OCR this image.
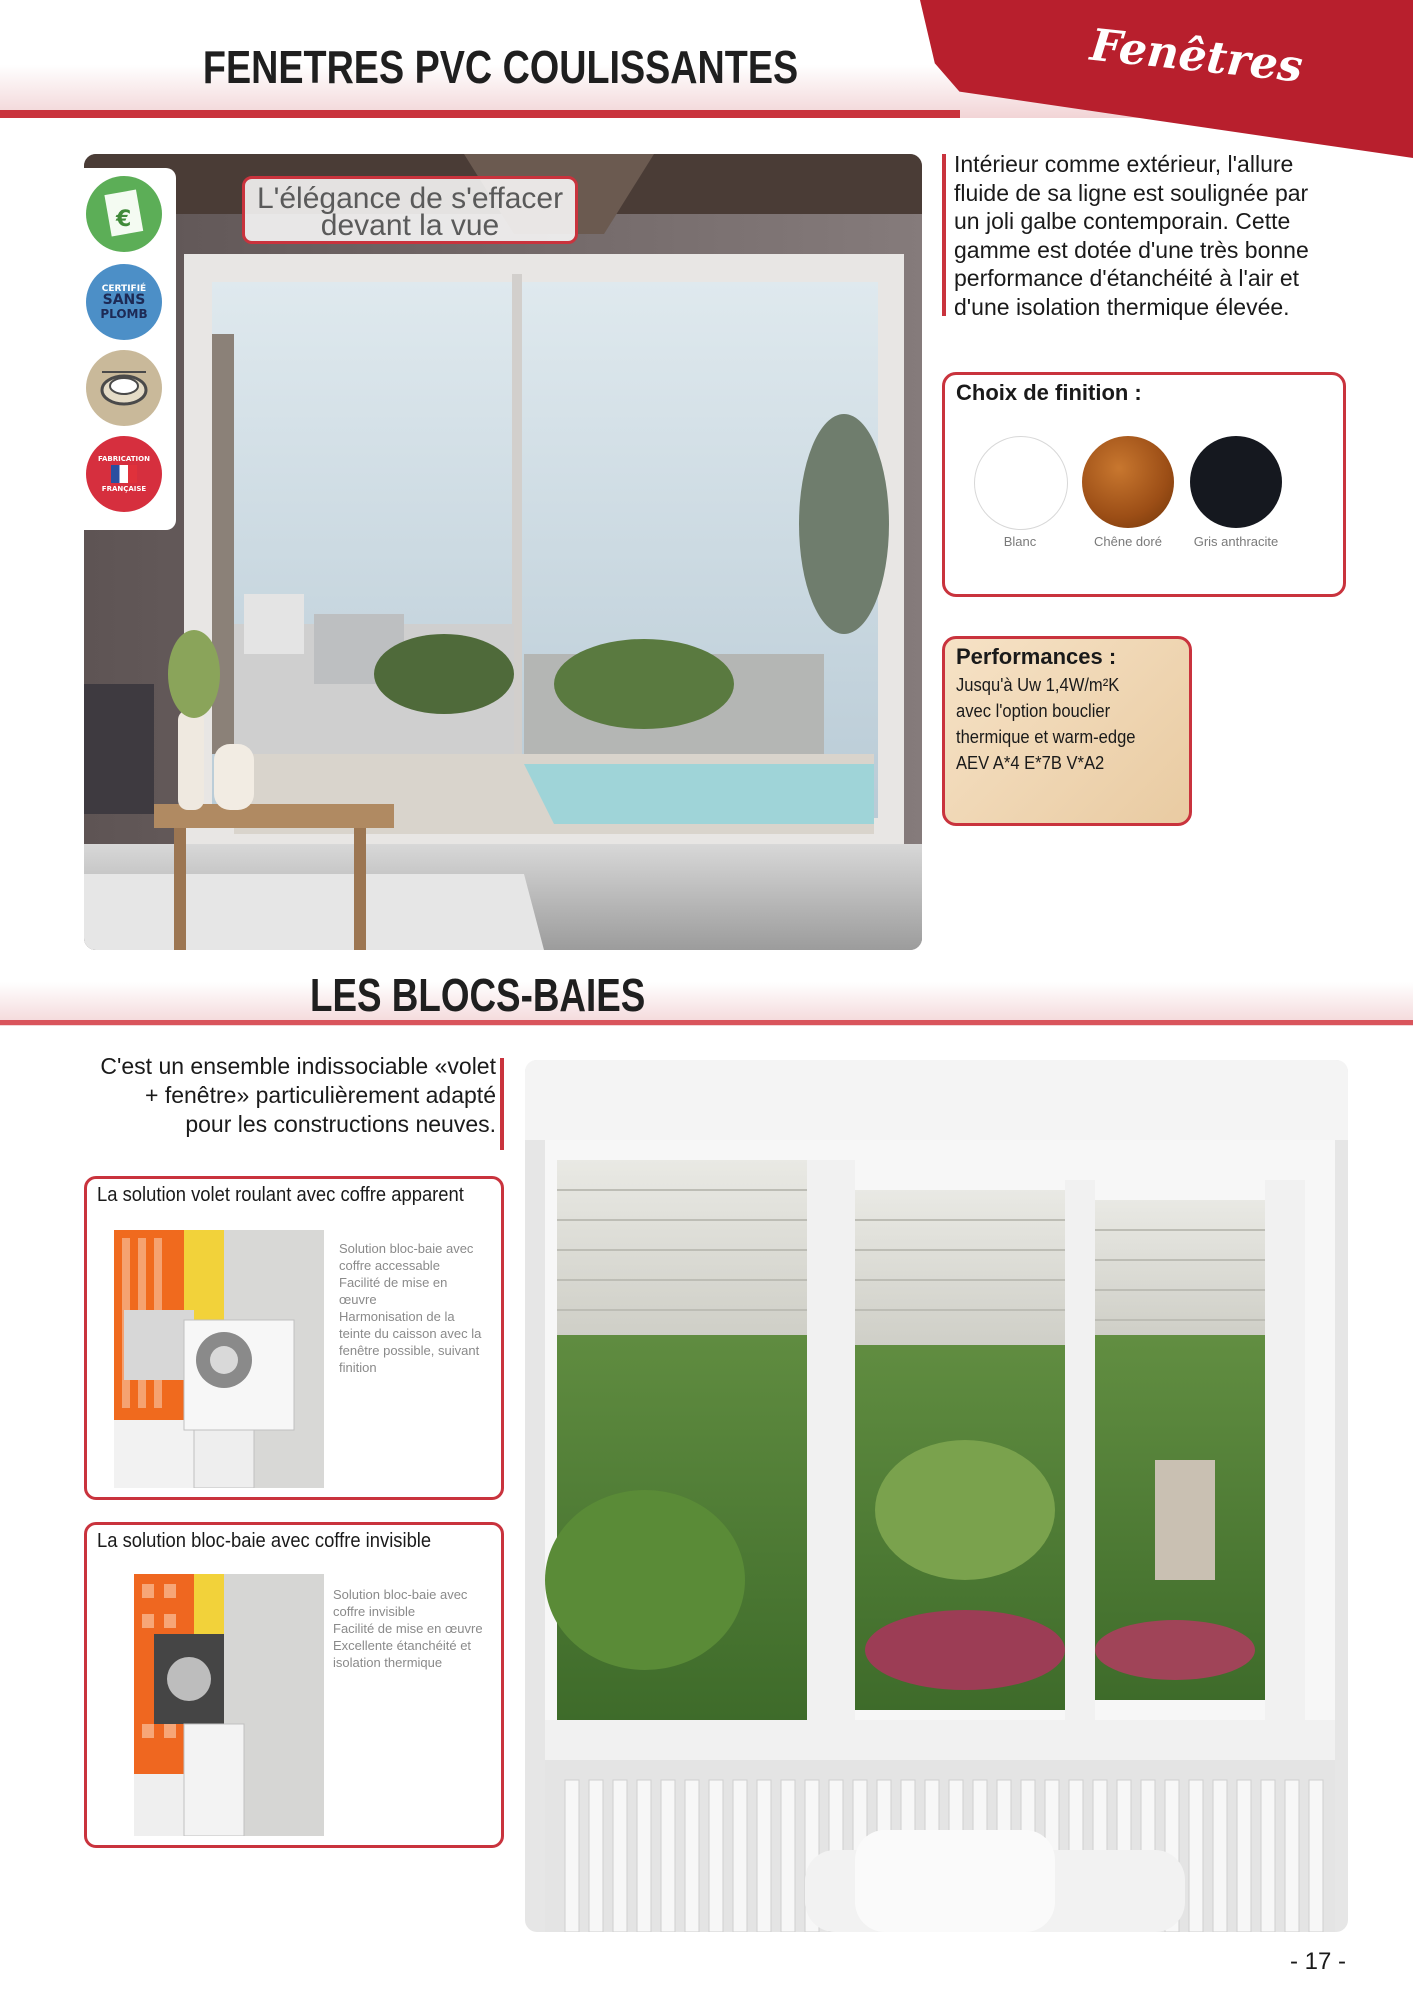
FENETRES PVC COULISSANTES	Fenêtres
€
CERTIFIÉ
SANS
PLOMB
FABRICATION
FRANÇAISE
L'élégance de s'effacer
devant la vue
Intérieur comme extérieur, l'allure fluide de sa ligne est soulignée par un joli galbe contemporain. Cette gamme est dotée d'une très bonne performance d'étanchéité à l'air et d'une isolation thermique élevée.
Choix de finition :
Blanc	Chêne doré	Gris anthracite
Performances :
Jusqu'à Uw 1,4W/m²K
avec l'option bouclier
thermique et warm-edge
AEV A*4 E*7B V*A2
LES BLOCS-BAIES
C'est un ensemble indissociable «volet
+ fenêtre» particulièrement adapté
pour les constructions neuves.
La solution volet roulant avec coffre apparent
Solution bloc-baie avec
coffre accessable
Facilité de mise en
œuvre
Harmonisation de la
teinte du caisson avec la
fenêtre possible, suivant
finition
La solution bloc-baie avec coffre invisible
Solution bloc-baie avec
coffre invisible
Facilité de mise en œuvre
Excellente étanchéité et
isolation thermique
- 17 -
